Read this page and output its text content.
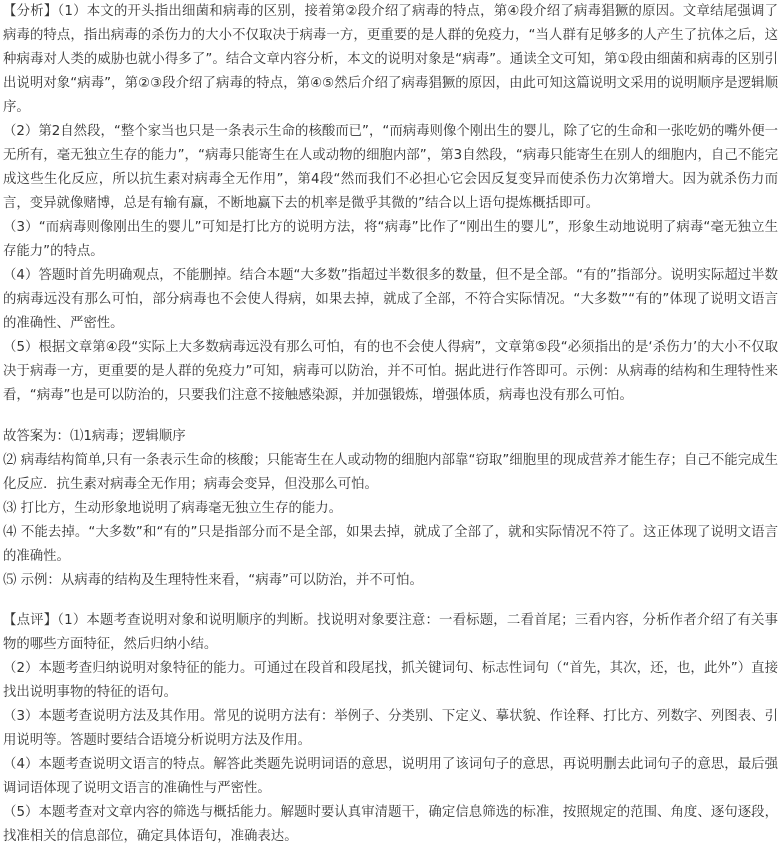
【分析】（1）本文的开头指出细菌和病毒的区别，接着第②段介绍了病毒的特点，第④段介绍了病毒猖獗的原因。文章结尾强调了病毒的特点，指出病毒的杀伤力的大小不仅取决于病毒一方，更重要的是人群的免疫力，“当人群有足够多的人产生了抗体之后，这种病毒对人类的威胁也就小得多了”。结合文章内容分析，本文的说明对象是“病毒”。通读全文可知，第①段由细菌和病毒的区别引出说明对象“病毒”，第②③段介绍了病毒的特点，第④⑤然后介绍了病毒猖獗的原因，由此可知这篇说明文采用的说明顺序是逻辑顺序。

（2）第2自然段，“整个家当也只是一条表示生命的核酸而已”，“而病毒则像个刚出生的婴儿，除了它的生命和一张吃奶的嘴外便一无所有，毫无独立生存的能力”，“病毒只能寄生在人或动物的细胞内部”，第3自然段，“病毒只能寄生在别人的细胞内，自己不能完成这些生化反应，所以抗生素对病毒全无作用”，第4段“然而我们不必担心它会因反复变异而使杀伤力次第增大。因为就杀伤力而言，变异就像赌博，总是有输有赢，不断地赢下去的机率是微乎其微的”结合以上语句提炼概括即可。

（3）“而病毒则像刚出生的婴儿”可知是打比方的说明方法，将“病毒”比作了“刚出生的婴儿”，形象生动地说明了病毒“毫无独立生存能力”的特点。

（4）答题时首先明确观点，不能删掉。结合本题“大多数”指超过半数很多的数量，但不是全部。“有的”指部分。说明实际超过半数的病毒远没有那么可怕，部分病毒也不会使人得病，如果去掉，就成了全部，不符合实际情况。“大多数”“有的”体现了说明文语言的准确性、严密性。

（5）根据文章第④段“实际上大多数病毒远没有那么可怕，有的也不会使人得病”，文章第⑤段“必须指出的是‘杀伤力’的大小不仅取决于病毒一方，更重要的是人群的免疫力”可知，病毒可以防治，并不可怕。据此进行作答即可。示例：从病毒的结构和生理特性来看，“病毒”也是可以防治的，只要我们注意不接触感染源，并加强锻炼，增强体质，病毒也没有那么可怕。

故答案为：⑴1病毒；逻辑顺序

⑵ 病毒结构简单,只有一条表示生命的核酸；只能寄生在人或动物的细胞内部靠“窃取”细胞里的现成营养才能生存；自己不能完成生化反应．抗生素对病毒全无作用；病毒会变异，但没那么可怕。

⑶ 打比方，生动形象地说明了病毒毫无独立生存的能力。

⑷ 不能去掉。“大多数”和“有的”只是指部分而不是全部，如果去掉，就成了全部了，就和实际情况不符了。这正体现了说明文语言的准确性。

⑸ 示例：从病毒的结构及生理特性来看，“病毒”可以防治，并不可怕。

【点评】（1）本题考查说明对象和说明顺序的判断。找说明对象要注意：一看标题，二看首尾；三看内容，分析作者介绍了有关事物的哪些方面特征，然后归纳小结。

（2）本题考查归纳说明对象特征的能力。可通过在段首和段尾找，抓关键词句、标志性词句（“首先，其次，还，也，此外”）直接找出说明事物的特征的语句。

（3）本题考查说明方法及其作用。常见的说明方法有：举例子、分类别、下定义、摹状貌、作诠释、打比方、列数字、列图表、引用说明等。答题时要结合语境分析说明方法及作用。

（4）本题考查说明文语言的特点。解答此类题先说明词语的意思，说明用了该词句子的意思，再说明删去此词句子的意思，最后强调词语体现了说明文语言的准确性与严密性。

（5）本题考查对文章内容的筛选与概括能力。解题时要认真审清题干，确定信息筛选的标准，按照规定的范围、角度、逐句逐段，找准相关的信息部位，确定具体语句，准确表达。
